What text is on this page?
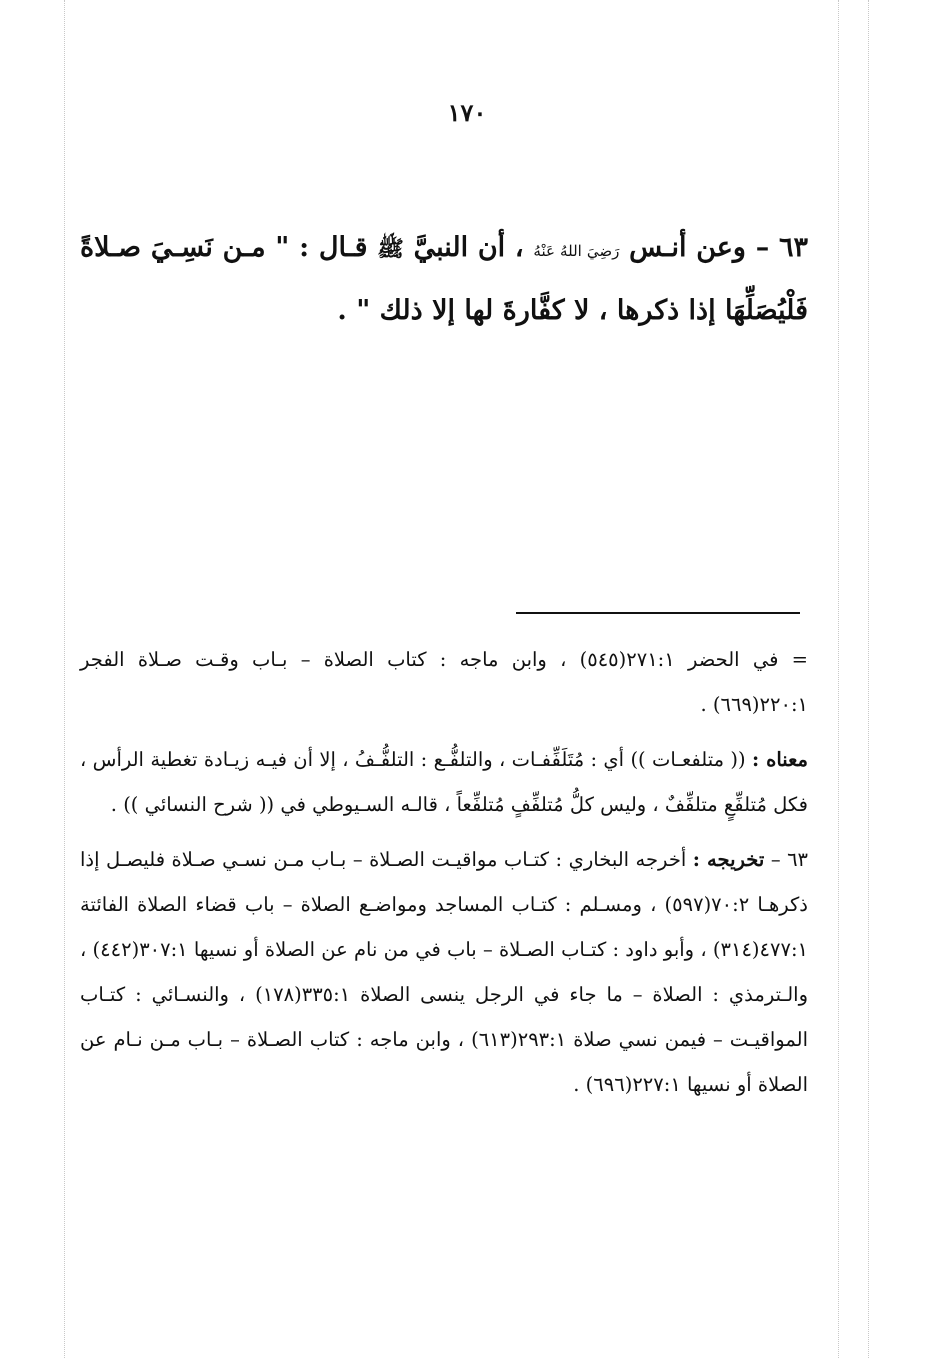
١٧٠
٦٣ – وعن أنـس رَضِيَ اللهُ عَنْهُ ، أن النبيَّ ﷺ قـال : " مـن نَسِـيَ صـلاةً فَلْيُصَلِّهَا إذا ذكرها ، لا كفَّارةَ لها إلا ذلك " .

= في الحضر ٢٧١:١(٥٤٥) ، وابن ماجه : كتاب الصلاة – بـاب وقـت صـلاة الفجر ٢٢٠:١(٦٦٩) .

معناه : (( متلفعـات )) أي : مُتَلَفِّفـات ، والتلفُّـع : التلفُّـفُ ، إلا أن فيـه زيـادة تغطية الرأس ، فكل مُتلفِّعٍ متلفِّفٌ ، وليس كلُّ مُتلفِّفٍ مُتلفِّعاً ، قالـه السـيوطي في (( شرح النسائي )) .

٦٣ – تخريجه : أخرجه البخاري : كتـاب مواقيـت الصـلاة – بـاب مـن نسـي صـلاة فليصـل إذا ذكرهـا ٧٠:٢(٥٩٧) ، ومسـلم : كتـاب المساجد ومواضـع الصلاة – باب قضاء الصلاة الفائتة ٤٧٧:١(٣١٤) ، وأبو داود : كتـاب الصـلاة – باب في من نام عن الصلاة أو نسيها ٣٠٧:١(٤٤٢) ، والـترمذي : الصلاة – ما جاء في الرجل ينسى الصلاة ٣٣٥:١(١٧٨) ، والنسـائي : كتـاب المواقيـت – فيمن نسي صلاة ٢٩٣:١(٦١٣) ، وابن ماجه : كتاب الصـلاة – بـاب مـن نـام عن الصلاة أو نسيها ٢٢٧:١(٦٩٦) .
